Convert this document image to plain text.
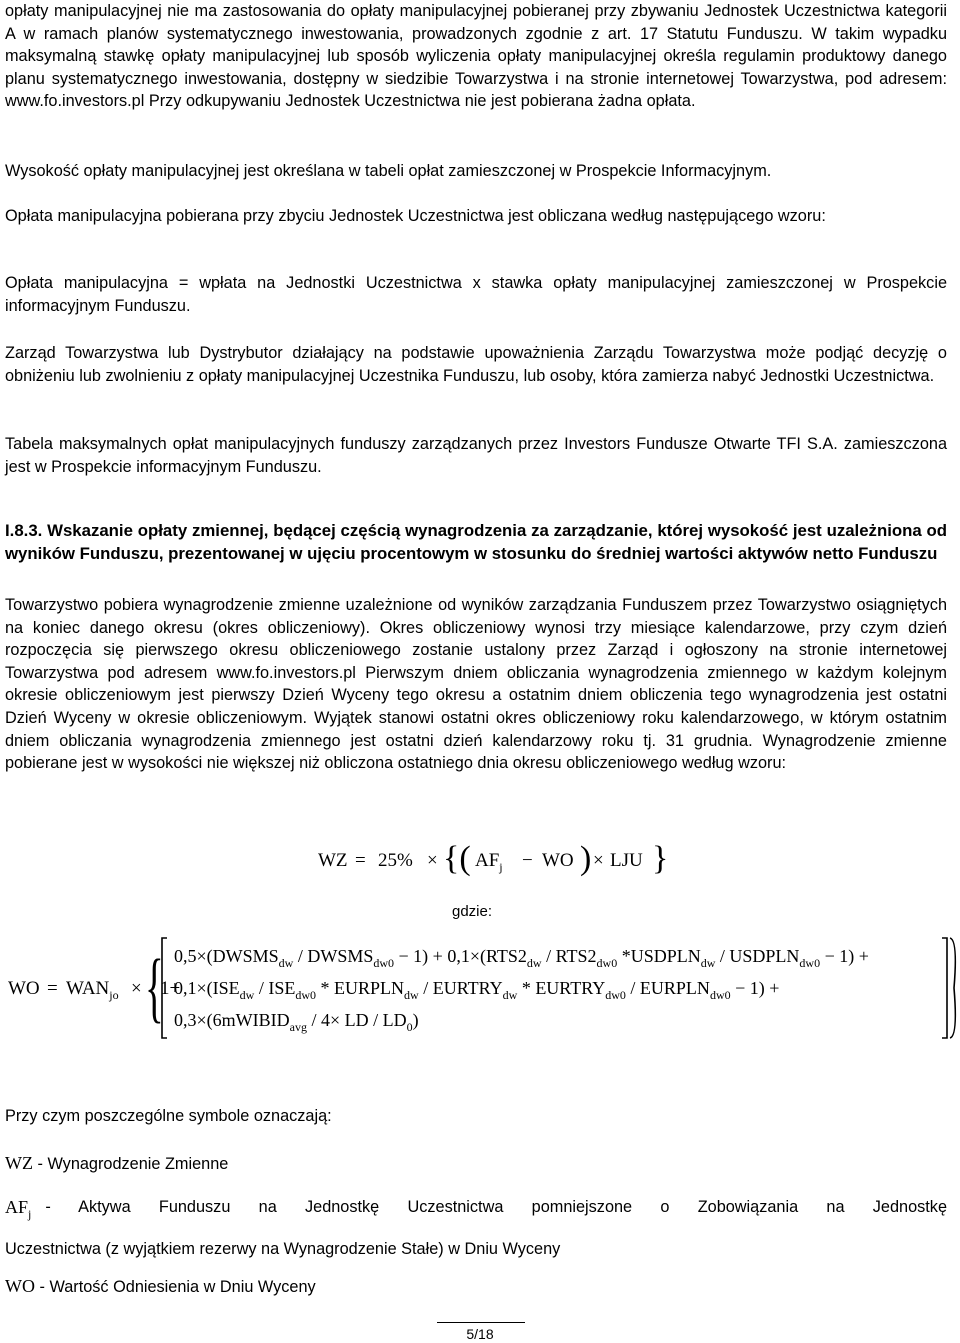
opłaty manipulacyjnej nie ma zastosowania do opłaty manipulacyjnej pobieranej przy zbywaniu Jednostek Uczestnictwa kategorii A w ramach planów systematycznego inwestowania, prowadzonych zgodnie z art. 17 Statutu Funduszu. W takim wypadku maksymalną stawkę opłaty manipulacyjnej lub sposób wyliczenia opłaty manipulacyjnej określa regulamin produktowy danego planu systematycznego inwestowania, dostępny w siedzibie Towarzystwa i na stronie internetowej Towarzystwa, pod adresem: www.fo.investors.pl Przy odkupywaniu Jednostek Uczestnictwa nie jest pobierana żadna opłata.

Wysokość opłaty manipulacyjnej jest określana w tabeli opłat zamieszczonej w Prospekcie Informacyjnym.

Opłata manipulacyjna pobierana przy zbyciu Jednostek Uczestnictwa jest obliczana według następującego wzoru:

Opłata manipulacyjna = wpłata na Jednostki Uczestnictwa x stawka opłaty manipulacyjnej zamieszczonej w Prospekcie informacyjnym Funduszu.

Zarząd Towarzystwa lub Dystrybutor działający na podstawie upoważnienia Zarządu Towarzystwa może podjąć decyzję o obniżeniu lub zwolnieniu z opłaty manipulacyjnej Uczestnika Funduszu, lub osoby, która zamierza nabyć Jednostki Uczestnictwa.

Tabela maksymalnych opłat manipulacyjnych funduszy zarządzanych przez Investors Fundusze Otwarte TFI S.A. zamieszczona jest w Prospekcie informacyjnym Funduszu.

I.8.3. Wskazanie opłaty zmiennej, będącej częścią wynagrodzenia za zarządzanie, której wysokość jest uzależniona od wyników Funduszu, prezentowanej w ujęciu procentowym w stosunku do średniej wartości aktywów netto Funduszu

Towarzystwo pobiera wynagrodzenie zmienne uzależnione od wyników zarządzania Funduszem przez Towarzystwo osiągniętych na koniec danego okresu (okres obliczeniowy). Okres obliczeniowy wynosi trzy miesiące kalendarzowe, przy czym dzień rozpoczęcia się pierwszego okresu obliczeniowego zostanie ustalony przez Zarząd i ogłoszony na stronie internetowej Towarzystwa pod adresem www.fo.investors.pl Pierwszym dniem obliczania wynagrodzenia zmiennego w każdym kolejnym okresie obliczeniowym jest pierwszy Dzień Wyceny tego okresu a ostatnim dniem obliczenia tego wynagrodzenia jest ostatni Dzień Wyceny w okresie obliczeniowym. Wyjątek stanowi ostatni okres obliczeniowy roku kalendarzowego, w którym ostatnim dniem obliczania wynagrodzenia zmiennego jest ostatni dzień kalendarzowy roku tj. 31 grudnia. Wynagrodzenie zmienne pobierane jest w wysokości nie większej niż obliczona ostatniego dnia okresu obliczeniowego według wzoru:

WZ = 25% × {( $AF_j$ − WO ) × LJU }
gdzie:
WO = $WAN_{jo}$ × {
1+
$0,5\times(DWSMS_{dw}$ / $DWSMS_{dw0} - 1) + 0,1\times(RTS2_{dw} / RTS2_{dw0}$ $*USDPLN_{dw}$ / $USDPLN_{dw0} - 1$) +
$0,1\times(ISE_{dw} / ISE_{dw0}$ * $EURPLN_{dw}$ / $EURTRY_{dw}$ * $EURTRY_{dw0}$ / $EURPLN_{dw0} - 1$) +
0,3×(6mWIBID$_{avg}$ / 4× LD / $LD_0$)
Przy czym poszczególne symbole oznaczają:
WZ - Wynagrodzenie Zmienne
$AF_j$ - Aktywa Funduszu na Jednostkę Uczestnictwa pomniejszone o Zobowiązania na Jednostkę
Uczestnictwa (z wyjątkiem rezerwy na Wynagrodzenie Stałe) w Dniu Wyceny
WO - Wartość Odniesienia w Dniu Wyceny
5/18
